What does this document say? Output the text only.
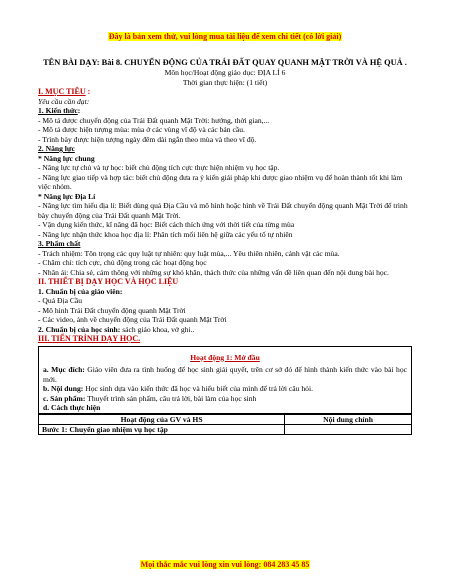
Đây là bản xem thử, vui lòng mua tài liệu để xem chi tiết (có lời giải)
TÊN BÀI DẠY: Bài 8. CHUYỂN ĐỘNG CỦA TRÁI ĐẤT QUAY QUANH MẶT TRỜI VÀ HỆ QUẢ .
Môn học/Hoạt động giáo dục: ĐỊA LÍ 6
Thời gian thực hiện: (1 tiết)
I. MỤC TIÊU :
Yêu cầu cần đạt:
1. Kiến thức:
- Mô tả được chuyển động của Trái Đất quanh Mặt Trời: hướng, thời gian,...
- Mô tả được hiện tượng mùa: mùa ở các vùng vĩ độ và các bán cầu.
- Trình bày được hiện tượng ngày đêm dài ngắn theo mùa và theo vĩ độ.
2. Năng lực
* Năng lực chung
- Năng lực tự chủ và tự học: biết chủ động tích cực thực hiện nhiệm vụ học tập.
- Năng lực giao tiếp và hợp tác: biết chủ động đưa ra ý kiến giải pháp khi được giao nhiệm vụ để hoàn thành tốt khi làm việc nhóm.
* Năng lực Địa Lí
- Năng lực tìm hiểu địa lí: Biết dùng quả Địa Cầu và mô hình hoặc hình về Trái Đất chuyển động quanh Mặt Trời để trình bày chuyển động của Trái Đất quanh Mặt Trời.
- Vận dụng kiến thức, kĩ năng đã học: Biết cách thích ứng với thời tiết của từng mùa
- Năng lực nhận thức khoa học địa lí: Phân tích mối liên hệ giữa các yếu tố tự nhiên
3. Phẩm chất
- Trách nhiệm: Tôn trọng các quy luật tự nhiên: quy luật mùa,... Yêu thiên nhiên, cảnh vật các mùa.
- Chăm chỉ: tích cực, chủ động trong các hoạt động học
- Nhân ái: Chia sẻ, cảm thông với những sự khó khăn, thách thức của những vấn đề liên quan đến nội dung bài học.
II. THIẾT BỊ DẠY HỌC VÀ HỌC LIỆU
1. Chuẩn bị của giáo viên:
- Quả Địa Cầu
- Mô hình Trái Đất chuyển động quanh Mặt Trời
- Các video, ảnh về chuyển động của Trái Đất quanh Mặt Trời
2. Chuẩn bị của học sinh: sách giáo khoa, vở ghi..
III. TIẾN TRÌNH DẠY HỌC.
Hoạt động 1: Mở đầu
a. Mục đích: Giáo viên đưa ra tình huống để học sinh giải quyết, trên cơ sở đó để hình thành kiến thức vào bài học mới.
b. Nội dung: Học sinh dựa vào kiến thức đã học và hiểu biết của mình để trả lời câu hỏi.
c. Sản phẩm: Thuyết trình sản phẩm, câu trả lời, bài làm của học sinh
d. Cách thực hiện
Hoạt động của GV và HS	Nội dung chính
Bước 1: Chuyển giao nhiệm vụ học tập	
Mọi thắc mắc vui lòng xin vui lòng: 084 283 45 85
